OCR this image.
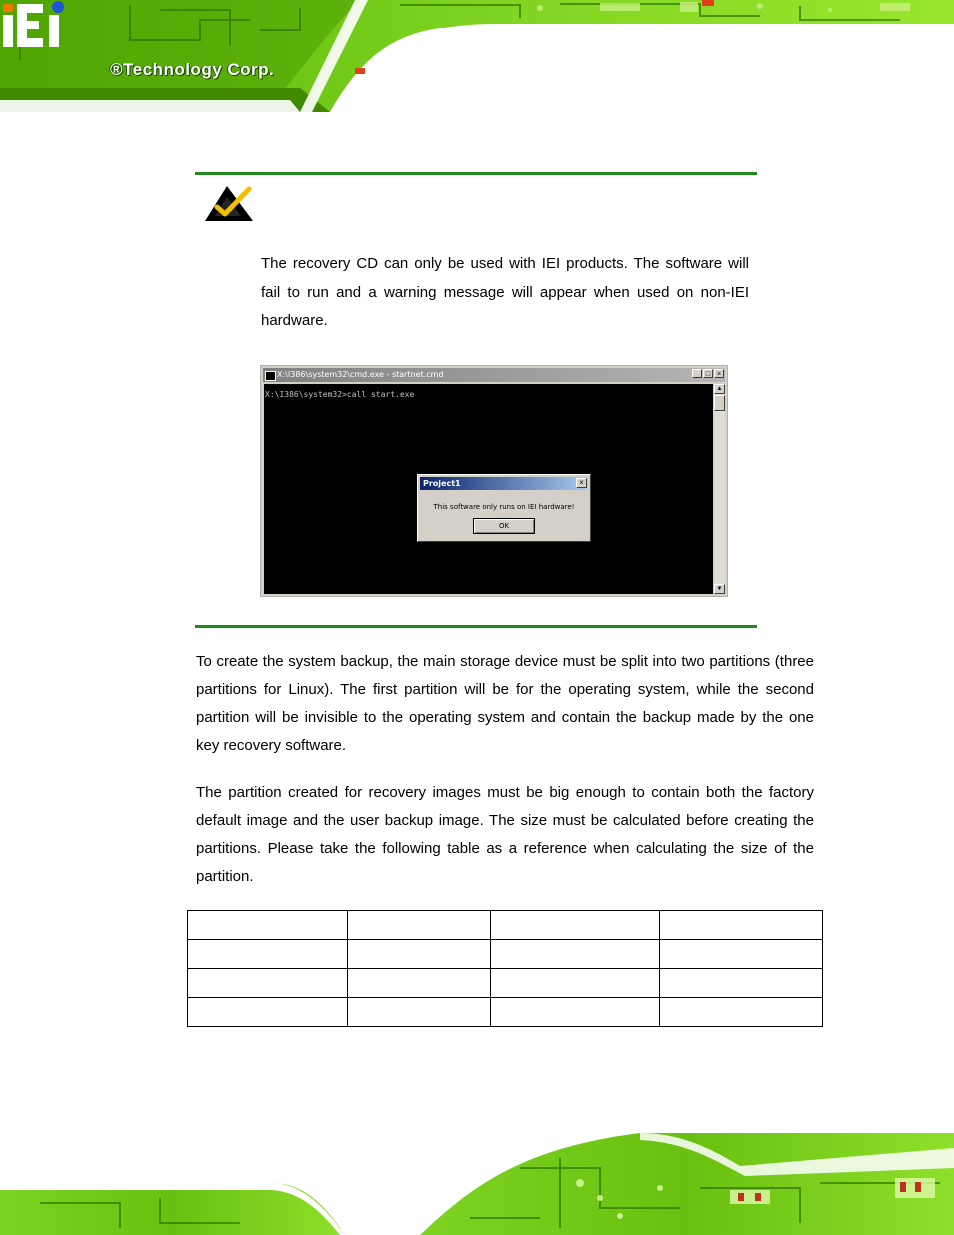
®Technology Corp.
The recovery CD can only be used with IEI products. The software will fail to run and a warning message will appear when used on non-IEI hardware.
X:\I386\system32\cmd.exe - startnet.cmd	_ □ ×
X:\I386\system32>call start.exe
Project1	×
This software only runs on IEI hardware!
OK
▲
▼

To create the system backup, the main storage device must be split into two partitions (three partitions for Linux). The first partition will be for the operating system, while the second partition will be invisible to the operating system and contain the backup made by the one key recovery software.

The partition created for recovery images must be big enough to contain both the factory default image and the user backup image. The size must be calculated before creating the partitions. Please take the following table as a reference when calculating the size of the partition.
